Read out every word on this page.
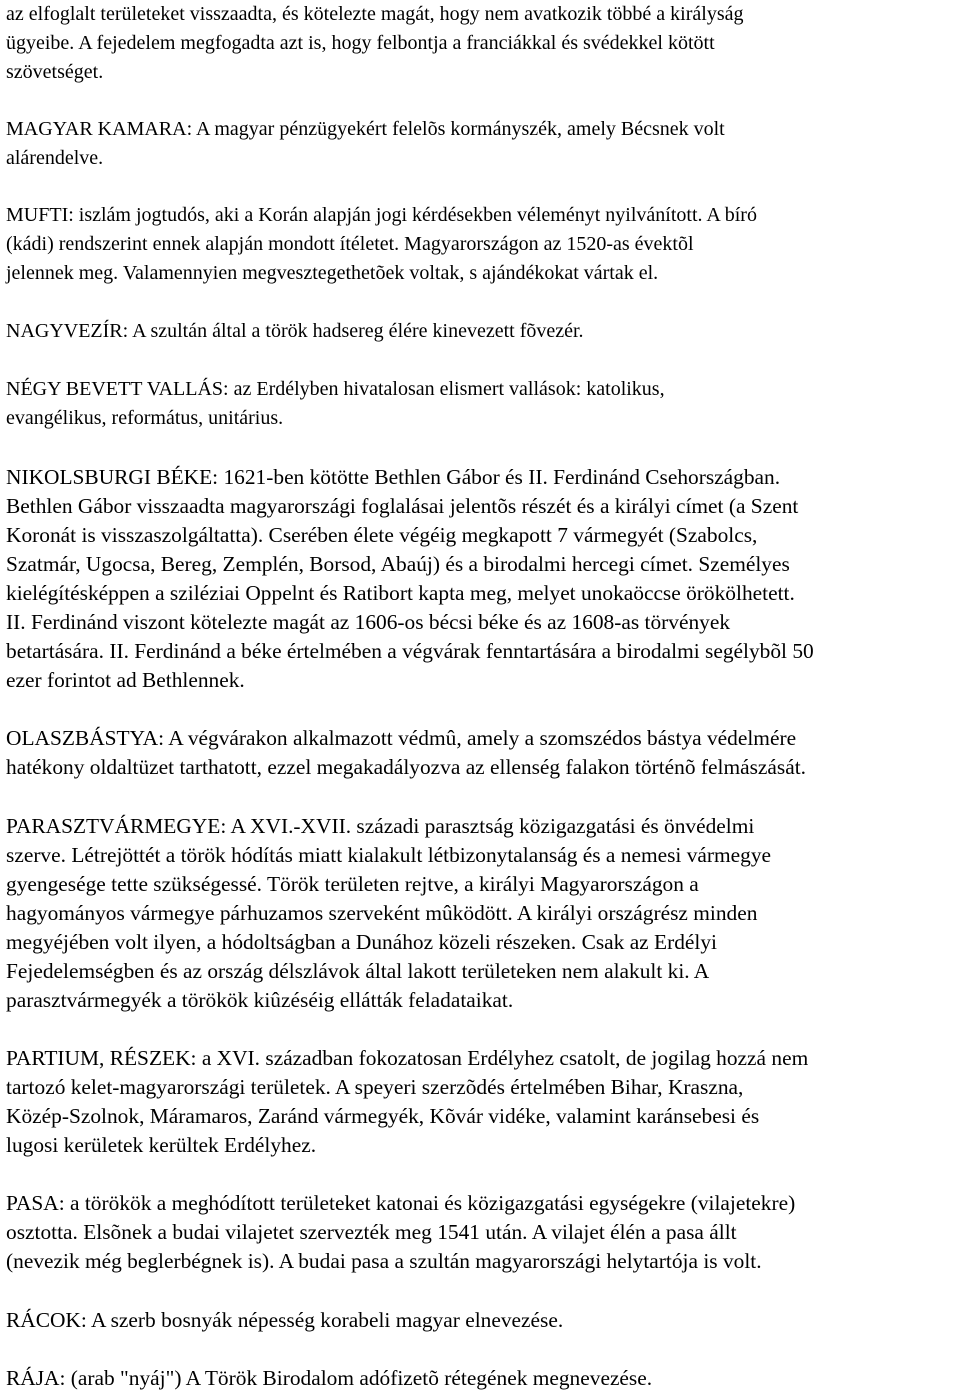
az elfoglalt területeket visszaadta, és kötelezte magát, hogy nem avatkozik többé a királyság
ügyeibe. A fejedelem megfogadta azt is, hogy felbontja a franciákkal és svédekkel kötött
szövetséget.

MAGYAR KAMARA: A magyar pénzügyekért felelõs kormányszék, amely Bécsnek volt
alárendelve.

MUFTI: iszlám jogtudós, aki a Korán alapján jogi kérdésekben véleményt nyilvánított. A bíró
(kádi) rendszerint ennek alapján mondott ítéletet. Magyarországon az 1520-as évektõl
jelennek meg. Valamennyien megvesztegethetõek voltak, s ajándékokat vártak el.

NAGYVEZÍR: A szultán által a török hadsereg élére kinevezett fõvezér.

NÉGY BEVETT VALLÁS: az Erdélyben hivatalosan elismert vallások: katolikus,
evangélikus, református, unitárius.

NIKOLSBURGI BÉKE: 1621-ben kötötte Bethlen Gábor és II. Ferdinánd Csehországban.
Bethlen Gábor visszaadta magyarországi foglalásai jelentõs részét és a királyi címet (a Szent
Koronát is visszaszolgáltatta). Cserében élete végéig megkapott 7 vármegyét (Szabolcs,
Szatmár, Ugocsa, Bereg, Zemplén, Borsod, Abaúj) és a birodalmi hercegi címet. Személyes
kielégítésképpen a sziléziai Oppelnt és Ratibort kapta meg, melyet unokaöccse örökölhetett.
II. Ferdinánd viszont kötelezte magát az 1606-os bécsi béke és az 1608-as törvények
betartására. II. Ferdinánd a béke értelmében a végvárak fenntartására a birodalmi segélybõl 50
ezer forintot ad Bethlennek.

OLASZBÁSTYA: A végvárakon alkalmazott védmû, amely a szomszédos bástya védelmére
hatékony oldaltüzet tarthatott, ezzel megakadályozva az ellenség falakon történõ felmászását.

PARASZTVÁRMEGYE: A XVI.-XVII. századi parasztság közigazgatási és önvédelmi
szerve. Létrejöttét a török hódítás miatt kialakult létbizonytalanság és a nemesi vármegye
gyengesége tette szükségessé. Török területen rejtve, a királyi Magyarországon a
hagyományos vármegye párhuzamos szerveként mûködött. A királyi országrész minden
megyéjében volt ilyen, a hódoltságban a Dunához közeli részeken. Csak az Erdélyi
Fejedelemségben és az ország délszlávok által lakott területeken nem alakult ki. A
parasztvármegyék a törökök kiûzéséig ellátták feladataikat.

PARTIUM, RÉSZEK: a XVI. században fokozatosan Erdélyhez csatolt, de jogilag hozzá nem
tartozó kelet-magyarországi területek. A speyeri szerzõdés értelmében Bihar, Kraszna,
Közép-Szolnok, Máramaros, Zaránd vármegyék, Kõvár vidéke, valamint karánsebesi és
lugosi kerületek kerültek Erdélyhez.

PASA: a törökök a meghódított területeket katonai és közigazgatási egységekre (vilajetekre)
osztotta. Elsõnek a budai vilajetet szervezték meg 1541 után. A vilajet élén a pasa állt
(nevezik még beglerbégnek is). A budai pasa a szultán magyarországi helytartója is volt.

RÁCOK: A szerb bosnyák népesség korabeli magyar elnevezése.

RÁJA: (arab "nyáj") A Török Birodalom adófizetõ rétegének megnevezése.
